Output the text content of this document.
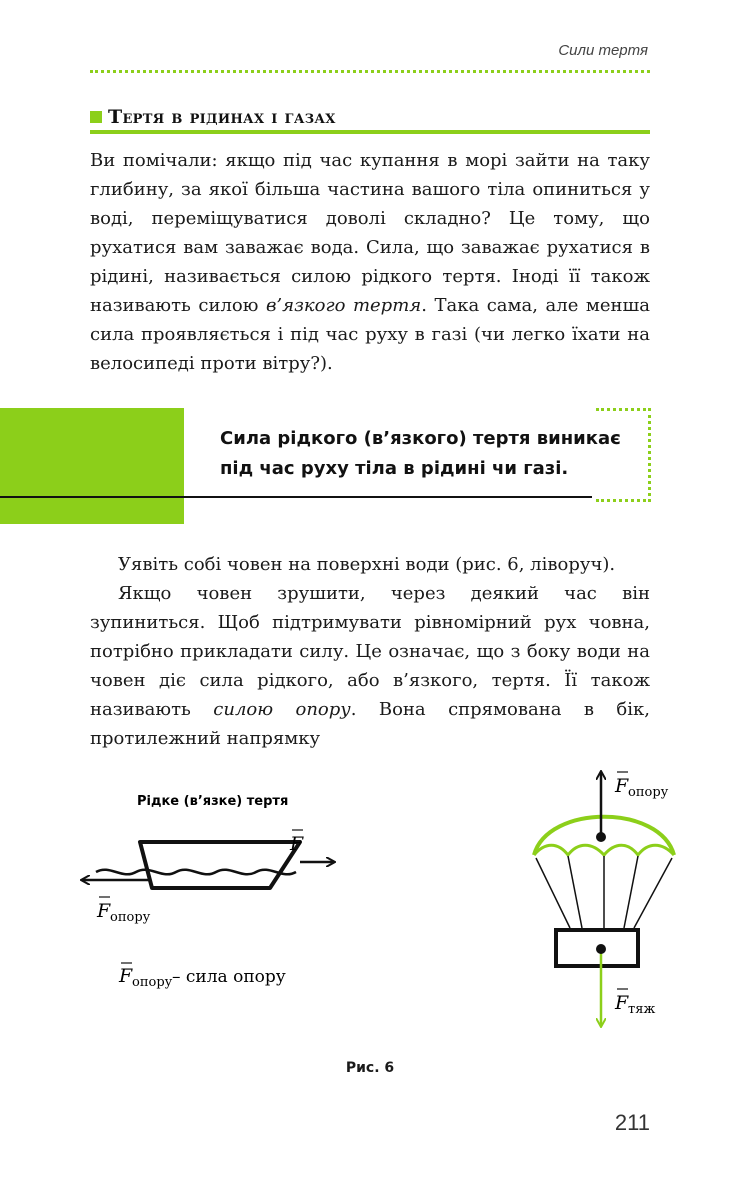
Сили тертя
Тертя в рідинах і газах

Ви помічали: якщо під час купання в морі зайти на таку глибину, за якої більша частина вашого тіла опиниться у воді, переміщуватися доволі складно? Це тому, що рухатися вам заважає вода. Сила, що заважає рухатися в рідині, називається силою рідкого тертя. Іноді її також називають силою в’язкого тертя. Така сама, але менша сила проявляється і під час руху в газі (чи легко їхати на велосипеді проти вітру?).

Сила рідкого (в’язкого) тертя виникає під час руху тіла в рідині чи газі.

Уявіть собі човен на поверхні води (рис. 6, ліворуч).

Якщо човен зрушити, через деякий час він зупиниться. Щоб підтримувати рівномірний рух човна, потрібно прикладати силу. Це означає, що з боку води на човен діє сила рідкого, або в’язкого, тертя. Її також називають силою опору. Вона спрямована в бік, протилежний напрямку

Рідке (в’язке) тертя
F
F опору
F опору – сила опору
F опору
F тяж
Рис. 6
211
